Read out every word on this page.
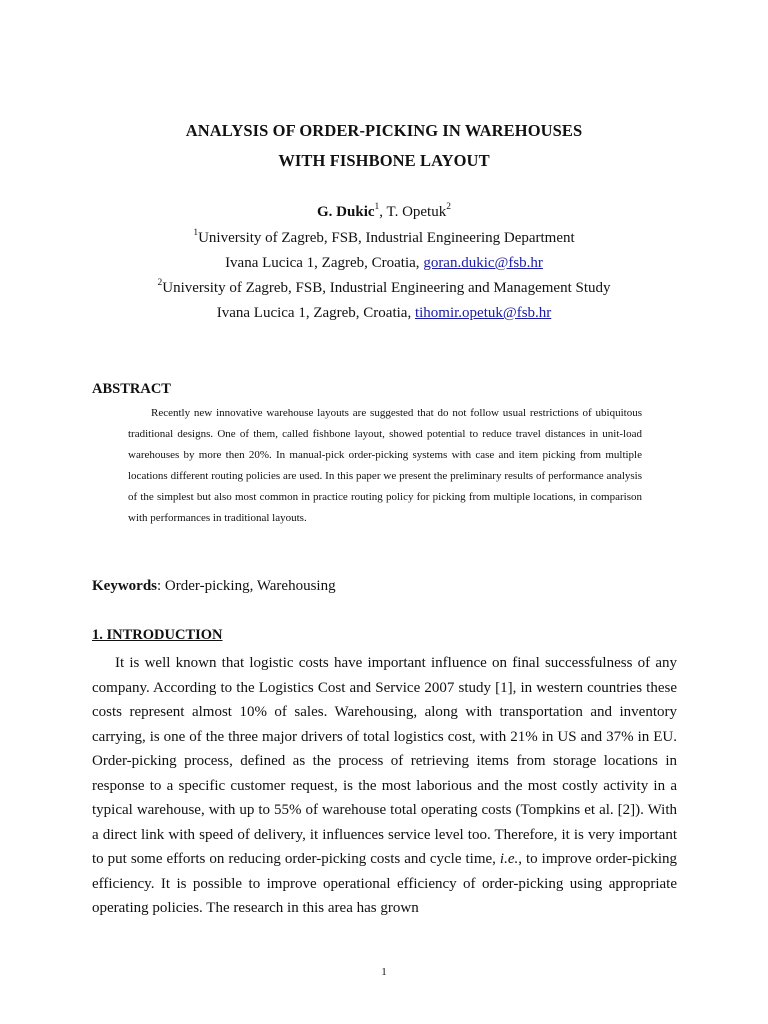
ANALYSIS OF ORDER-PICKING IN WAREHOUSES
WITH FISHBONE LAYOUT
G. Dukic$^1$, T. Opetuk$^2$
$^1$University of Zagreb, FSB, Industrial Engineering Department
Ivana Lucica 1, Zagreb, Croatia, goran.dukic@fsb.hr
$^2$University of Zagreb, FSB, Industrial Engineering and Management Study
Ivana Lucica 1, Zagreb, Croatia, tihomir.opetuk@fsb.hr
ABSTRACT

Recently new innovative warehouse layouts are suggested that do not follow usual restrictions of ubiquitous traditional designs. One of them, called fishbone layout, showed potential to reduce travel distances in unit-load warehouses by more then 20%. In manual-pick order-picking systems with case and item picking from multiple locations different routing policies are used. In this paper we present the preliminary results of performance analysis of the simplest but also most common in practice routing policy for picking from multiple locations, in comparison with performances in traditional layouts.

Keywords: Order-picking, Warehousing
1. INTRODUCTION

It is well known that logistic costs have important influence on final successfulness of any company. According to the Logistics Cost and Service 2007 study [1], in western countries these costs represent almost 10% of sales. Warehousing, along with transportation and inventory carrying, is one of the three major drivers of total logistics cost, with 21% in US and 37% in EU. Order-picking process, defined as the process of retrieving items from storage locations in response to a specific customer request, is the most laborious and the most costly activity in a typical warehouse, with up to 55% of warehouse total operating costs (Tompkins et al. [2]). With a direct link with speed of delivery, it influences service level too. Therefore, it is very important to put some efforts on reducing order-picking costs and cycle time, i.e., to improve order-picking efficiency. It is possible to improve operational efficiency of order-picking using appropriate operating policies. The research in this area has grown

1
